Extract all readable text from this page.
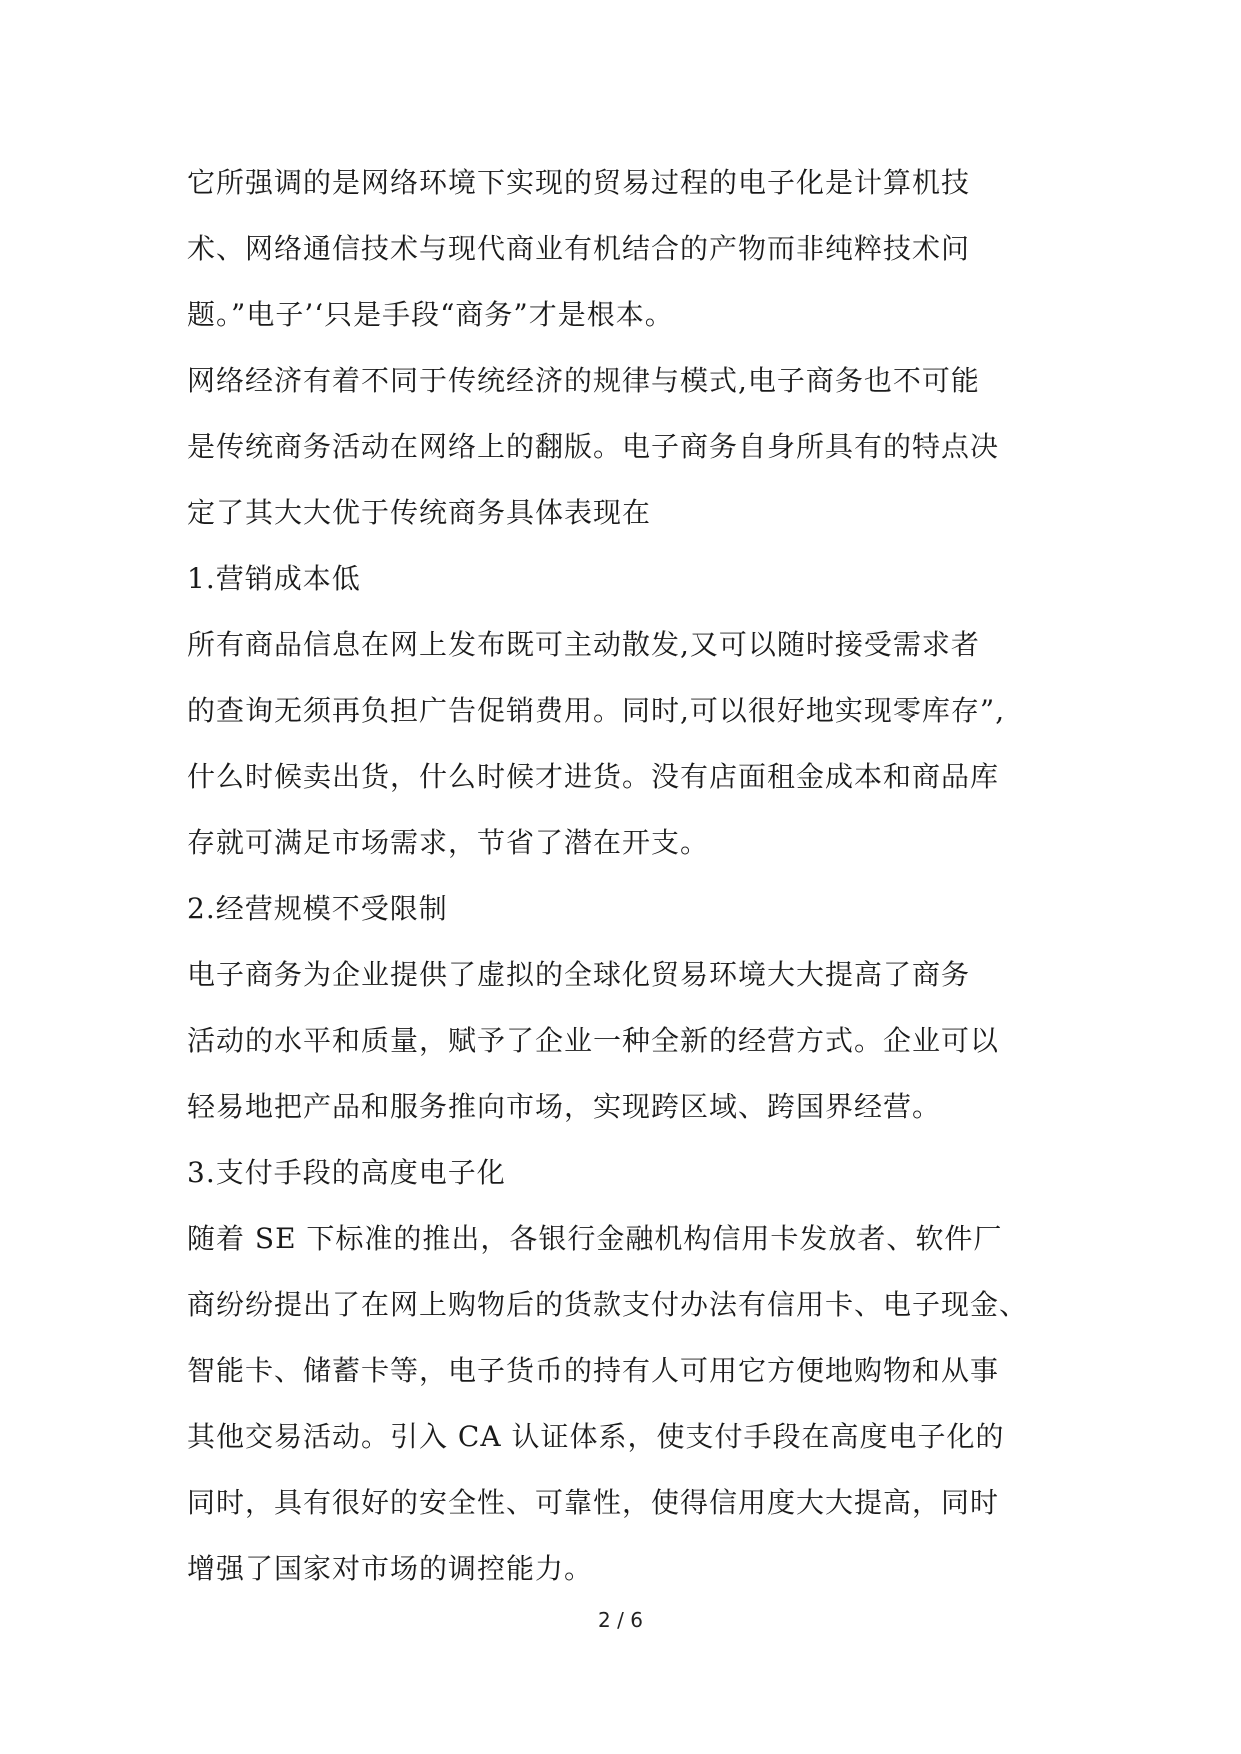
它所强调的是网络环境下实现的贸易过程的电子化是计算机技
术、网络通信技术与现代商业有机结合的产物而非纯粹技术问
题。”电子’‘只是手段“商务”才是根本。
网络经济有着不同于传统经济的规律与模式,电子商务也不可能
是传统商务活动在网络上的翻版。电子商务自身所具有的特点决
定了其大大优于传统商务具体表现在
1.营销成本低
所有商品信息在网上发布既可主动散发,又可以随时接受需求者
的查询无须再负担广告促销费用。同时,可以很好地实现零库存”,
什么时候卖出货，什么时候才进货。没有店面租金成本和商品库
存就可满足市场需求，节省了潜在开支。
2.经营规模不受限制
电子商务为企业提供了虚拟的全球化贸易环境大大提高了商务
活动的水平和质量，赋予了企业一种全新的经营方式。企业可以
轻易地把产品和服务推向市场，实现跨区域、跨国界经营。
3.支付手段的高度电子化
随着 SE 下标准的推出，各银行金融机构信用卡发放者、软件厂
商纷纷提出了在网上购物后的货款支付办法有信用卡、电子现金、
智能卡、储蓄卡等，电子货币的持有人可用它方便地购物和从事
其他交易活动。引入 CA 认证体系，使支付手段在高度电子化的
同时，具有很好的安全性、可靠性，使得信用度大大提高，同时
增强了国家对市场的调控能力。
2 / 6
